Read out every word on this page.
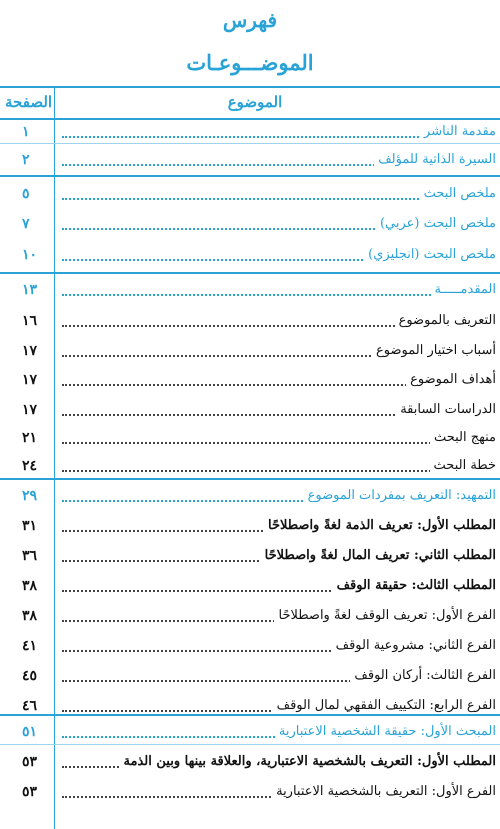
فهرس
الموضـــوعـات
الموضوع
الصفحة
مقدمة الناشر
١
السيرة الذاتية للمؤلف
٢
ملخص البحث
٥
ملخص البحث (عربي)
٧
ملخص البحث (انجليزي)
١٠
المقدمـــــة
١٣
التعريف بالموضوع
١٦
أسباب اختيار الموضوع
١٧
أهداف الموضوع
١٧
الدراسات السابقة
١٧
منهج البحث
٢١
خطة البحث
٢٤
التمهيد: التعريف بمفردات الموضوع
٢٩
المطلب الأول: تعريف الذمة لغةً واصطلاحًا
٣١
المطلب الثاني: تعريف المال لغةً واصطلاحًا
٣٦
المطلب الثالث: حقيقة الوقف
٣٨
الفرع الأول: تعريف الوقف لغةً واصطلاحًا
٣٨
الفرع الثاني: مشروعية الوقف
٤١
الفرع الثالث: أركان الوقف
٤٥
الفرع الرابع: التكييف الفقهي لمال الوقف
٤٦
المبحث الأول: حقيقة الشخصية الاعتبارية
٥١
المطلب الأول: التعريف بالشخصية الاعتبارية، والعلاقة بينها وبين الذمة
٥٣
الفرع الأول: التعريف بالشخصية الاعتبارية
٥٣
